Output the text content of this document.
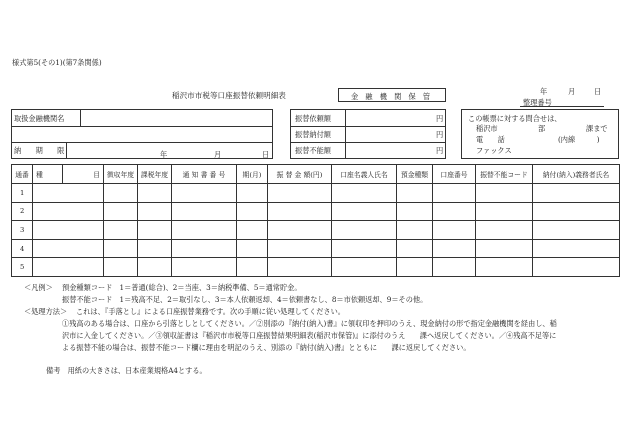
様式第5(その1)(第7条関係)
年	月	日
整理番号
稲沢市市税等口座振替依頼明細表	金　融　機　関　保　管
取扱金融機関名
納　　期　　限	年	月	日
振替依頼額	円
振替納付額	円
振替不能額	円
この帳票に対する問合せは、
稲沢市	部	課まで
電　　話	(内線　　　)
ファックス
通番	種	目	徴収年度	課税年度	通 知 書 番 号	期(月)	振 替 金 額(円)	口座名義人氏名	預金種類	口座番号	振替不能コード	納付(納入)義務者氏名
1												
2												
3												
4												
5												
＜凡例＞ 預金種類コード　1＝普通(総合)、2＝当座、3＝納税準備、5＝通常貯金。
振替不能コード　1＝残高不足、2＝取引なし、3＝本人依頼返却、4＝依頼書なし、8＝市依頼返却、9＝その他。
＜処理方法＞ これは、『手落とし』による口座振替業務です。次の手順に従い処理してください。
①残高のある場合は、口座から引落としとしてください。／②別添の『納付(納入)書』に領収印を押印のうえ、現金納付の形で指定金融機関を経由し、稲
沢市に入金してください。／③領収証書は『稲沢市市税等口座振替結果明細表(稲沢市保管)』に添付のうえ　　課へ返戻してください。／④残高不足等に
よる振替不能の場合は、振替不能コード欄に理由を明記のうえ、別添の『納付(納入)書』とともに　　課に返戻してください。
備考　用紙の大きさは、日本産業規格A4とする。
